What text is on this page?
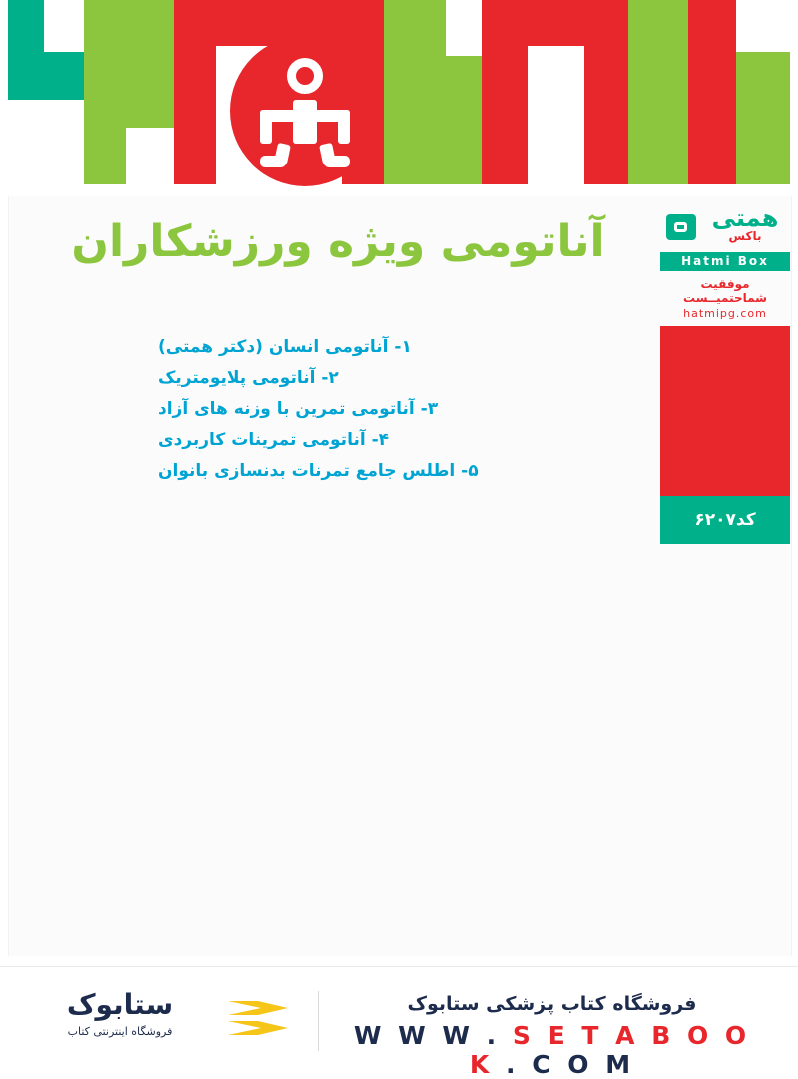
آناتومی ویژه ورزشکاران
۱- آناتومی انسان (دکتر همتی)
۲- آناتومی پلایومتریک
۳- آناتومی تمرین با وزنه های آزاد
۴- آناتومی تمرینات کاربردی
۵- اطلس جامع تمرنات بدنسازی بانوان
همتی
باکس
Hatmi Box
موفقیت شماحتمیــست
hatmipg.com
کد۶۲۰۷
ستابوک
فروشگاه اینترنتی کتاب
فروشگاه کتاب پزشکی ستابوک
W W W . S E T A B O O K . C O M
